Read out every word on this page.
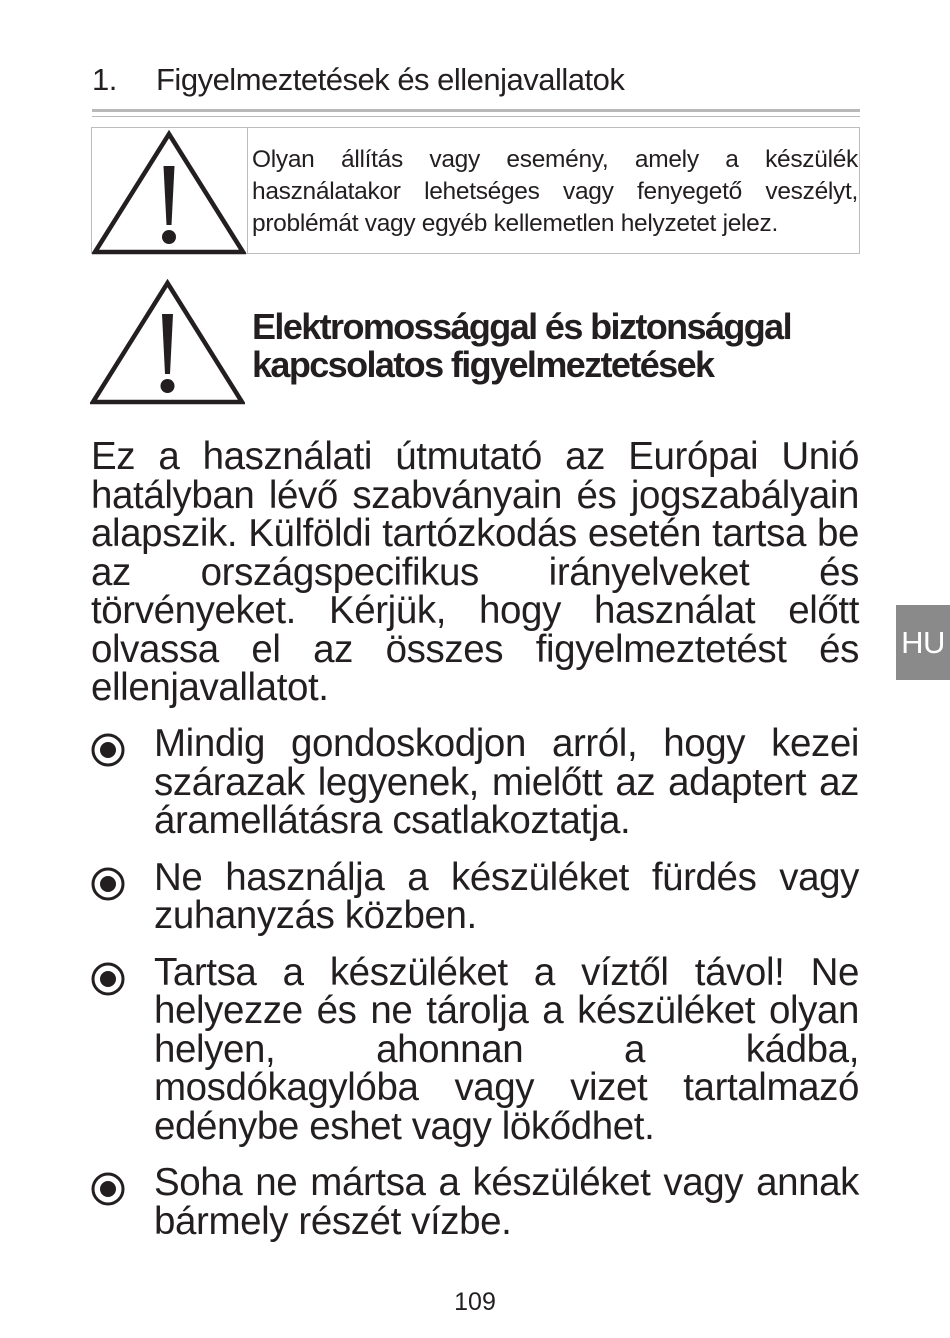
1.	Figyelmeztetések és ellenjavallatok
Olyan állítás vagy esemény, amely a készülék használatakor lehetséges vagy fenyegető veszélyt, problémát vagy egyéb kellemetlen helyzetet jelez.
Elektromossággal és biztonsággal
kapcsolatos figyelmeztetések
Ez a használati útmutató az Európai Unió hatályban lévő szabványain és jogszabályain alapszik. Külföldi tartózkodás esetén tartsa be az országspecifikus irányelveket és törvényeket. Kérjük, hogy használat előtt olvassa el az összes figyelmeztetést és ellenjavallatot.
Mindig gondoskodjon arról, hogy kezei szárazak legyenek, mielőtt az adaptert az áramellátásra csatlakoztatja.
Ne használja a készüléket fürdés vagy zuhanyzás közben.
Tartsa a készüléket a víztől távol! Ne helyezze és ne tárolja a készüléket olyan helyen, ahonnan a kádba, mosdókagylóba vagy vizet tartalmazó edénybe eshet vagy lökődhet.
Soha ne mártsa a készüléket vagy annak bármely részét vízbe.
HU
109
